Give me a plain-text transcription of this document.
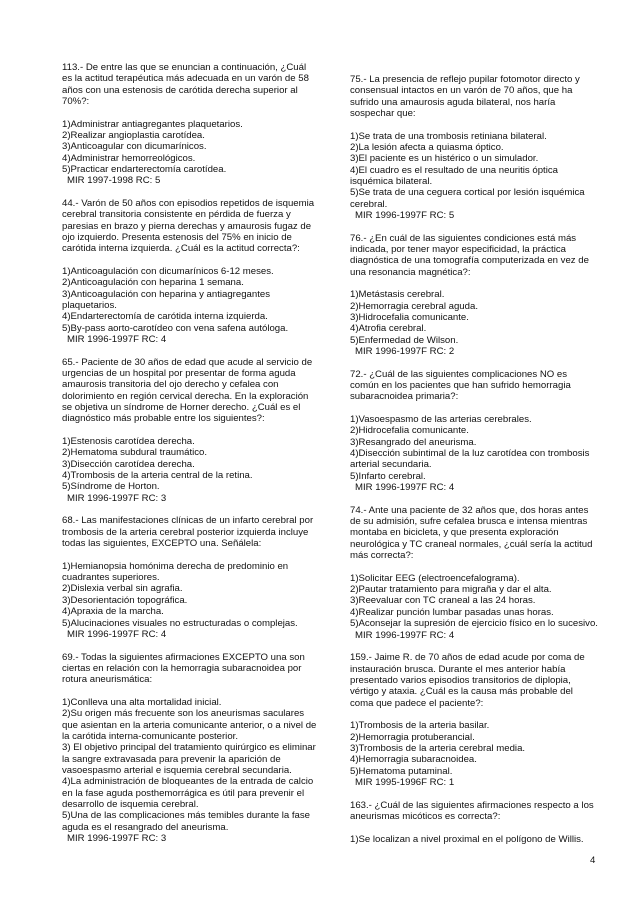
113.- De entre las que se enuncian a continuación, ¿Cuál es la actitud terapéutica más adecuada en un varón de 58 años con una estenosis de carótida derecha superior al 70%?:

1)Administrar antiagregantes plaquetarios.
2)Realizar angioplastia carotídea.
3)Anticoagular con dicumarínicos.
4)Administrar hemorreológicos.
5)Practicar endarterectomía carotídea.
MIR 1997-1998 RC: 5

44.- Varón de 50 años con episodios repetidos de isquemia cerebral transitoria consistente en pérdida de fuerza y paresias en brazo y pierna derechas y amaurosis fugaz de ojo izquierdo. Presenta estenosis del 75% en inicio de carótida interna izquierda. ¿Cuál es la actitud correcta?:

1)Anticoagulación con dicumarínicos 6-12 meses.
2)Anticoagulación con heparina 1 semana.
3)Anticoagulación con heparina y antiagregantes plaquetarios.
4)Endarterectomía de carótida interna izquierda.
5)By-pass aorto-carotídeo con vena safena autóloga.
MIR 1996-1997F RC: 4

65.- Paciente de 30 años de edad que acude al servicio de urgencias de un hospital por presentar de forma aguda amaurosis transitoria del ojo derecho y cefalea con dolorimiento en región cervical derecha. En la exploración se objetiva un síndrome de Horner derecho. ¿Cuál es el diagnóstico más probable entre los siguientes?:

1)Estenosis carotídea derecha.
2)Hematoma subdural traumático.
3)Disección carotídea derecha.
4)Trombosis de la arteria central de la retina.
5)Síndrome de Horton.
MIR 1996-1997F RC: 3

68.- Las manifestaciones clínicas de un infarto cerebral por trombosis de la arteria cerebral posterior izquierda incluye todas las siguientes, EXCEPTO una. Señálela:

1)Hemianopsia homónima derecha de predominio en cuadrantes superiores.
2)Dislexia verbal sin agrafia.
3)Desorientación topográfica.
4)Apraxia de la marcha.
5)Alucinaciones visuales no estructuradas o complejas.
MIR 1996-1997F RC: 4

69.- Todas la siguientes afirmaciones EXCEPTO una son ciertas en relación con la hemorragia subaracnoidea por rotura aneurismática:

1)Conlleva una alta mortalidad inicial.
2)Su origen más frecuente son los aneurismas saculares que asientan en la arteria comunicante anterior, o a nivel de la carótida interna-comunicante posterior.
3) El objetivo principal del tratamiento quirúrgico es eliminar la sangre extravasada para prevenir la aparición de vasoespasmo arterial e isquemia cerebral secundaria.
4)La administración de bloqueantes de la entrada de calcio en la fase aguda posthemorrágica es útil para prevenir el desarrollo de isquemia cerebral.
5)Una de las complicaciones más temibles durante la fase aguda es el resangrado del aneurisma.
MIR 1996-1997F RC: 3

75.- La presencia de reflejo pupilar fotomotor directo y consensual intactos en un varón de 70 años, que ha sufrido una amaurosis aguda bilateral, nos haría sospechar que:

1)Se trata de una trombosis retiniana bilateral.
2)La lesión afecta a quiasma óptico.
3)El paciente es un histérico o un simulador.
4)El cuadro es el resultado de una neuritis óptica isquémica bilateral.
5)Se trata de una ceguera cortical por lesión isquémica cerebral.
MIR 1996-1997F RC: 5

76.- ¿En cuál de las siguientes condiciones está más indicada, por tener mayor especificidad, la práctica diagnóstica de una tomografía computerizada en vez de una resonancia magnética?:

1)Metástasis cerebral.
2)Hemorragia cerebral aguda.
3)Hidrocefalia comunicante.
4)Atrofia cerebral.
5)Enfermedad de Wilson.
MIR 1996-1997F RC: 2

72.- ¿Cuál de las siguientes complicaciones NO es común en los pacientes que han sufrido hemorragia subaracnoidea primaria?:

1)Vasoespasmo de las arterias cerebrales.
2)Hidrocefalia comunicante.
3)Resangrado del aneurisma.
4)Disección subintimal de la luz carotídea con trombosis arterial secundaria.
5)Infarto cerebral.
MIR 1996-1997F RC: 4

74.- Ante una paciente de 32 años que, dos horas antes de su admisión, sufre cefalea brusca e intensa mientras montaba en bicicleta, y que presenta exploración neurológica y TC craneal normales, ¿cuál sería la actitud más correcta?:

1)Solicitar EEG (electroencefalograma).
2)Pautar tratamiento para migraña y dar el alta.
3)Reevaluar con TC craneal a las 24 horas.
4)Realizar punción lumbar pasadas unas horas.
5)Aconsejar la supresión de ejercicio físico en lo sucesivo.
MIR 1996-1997F RC: 4

159.- Jaime R. de 70 años de edad acude por coma de instauración brusca. Durante el mes anterior había presentado varios episodios transitorios de diplopia, vértigo y ataxia. ¿Cuál es la causa más probable del coma que padece el paciente?:

1)Trombosis de la arteria basilar.
2)Hemorragia protuberancial.
3)Trombosis de la arteria cerebral media.
4)Hemorragia subaracnoidea.
5)Hematoma putaminal.
MIR 1995-1996F RC: 1

163.- ¿Cuál de las siguientes afirmaciones respecto a los aneurismas micóticos es correcta?:

1)Se localizan a nivel proximal en el polígono de Willis.
4
